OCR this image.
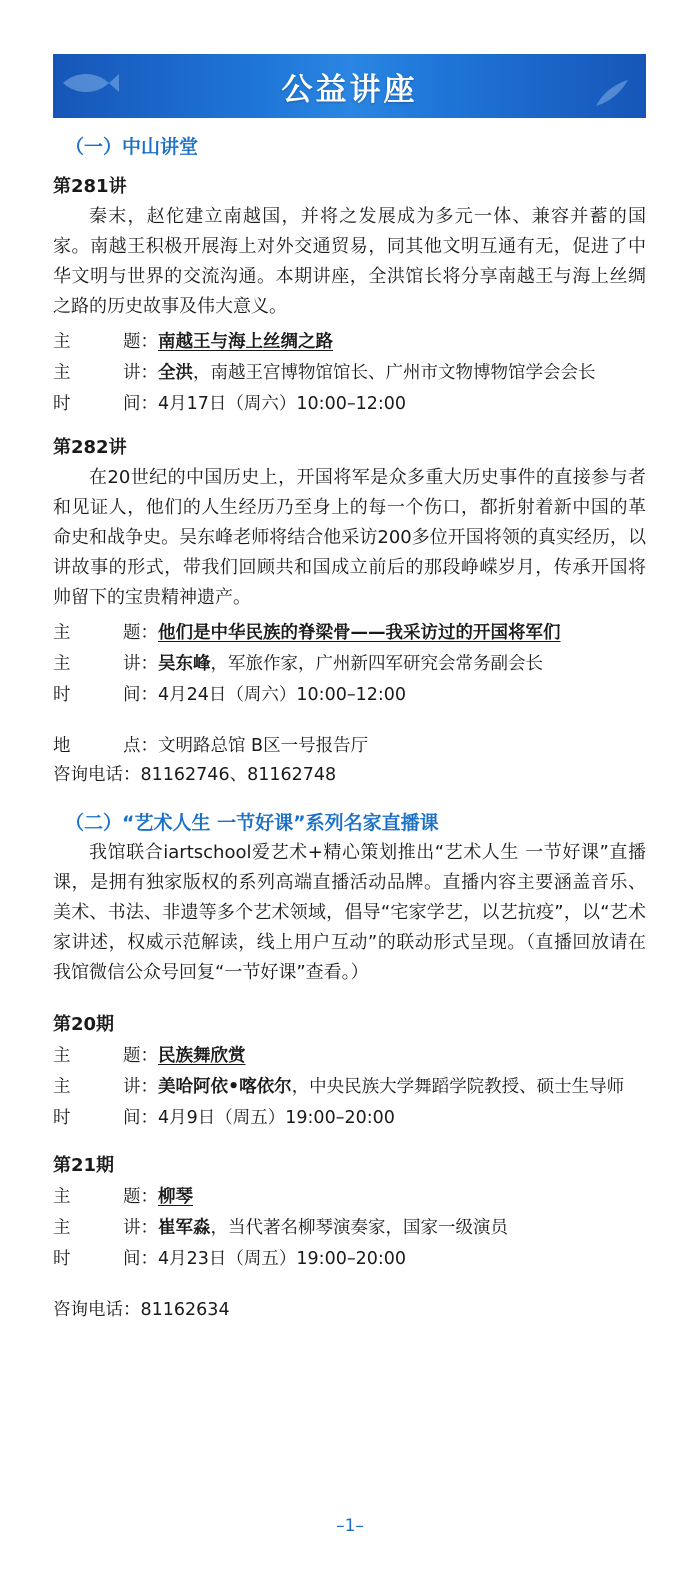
公益讲座
（一）中山讲堂
第281讲

秦末，赵佗建立南越国，并将之发展成为多元一体、兼容并蓄的国家。南越王积极开展海上对外交通贸易，同其他文明互通有无，促进了中华文明与世界的交流沟通。本期讲座，全洪馆长将分享南越王与海上丝绸之路的历史故事及伟大意义。

主	题： 南越王与海上丝绸之路
主	讲： 全洪，南越王宫博物馆馆长、广州市文物博物馆学会会长
时	间： 4月17日（周六）10:00–12:00
第282讲

在20世纪的中国历史上，开国将军是众多重大历史事件的直接参与者和见证人，他们的人生经历乃至身上的每一个伤口，都折射着新中国的革命史和战争史。吴东峰老师将结合他采访200多位开国将领的真实经历，以讲故事的形式，带我们回顾共和国成立前后的那段峥嵘岁月，传承开国将帅留下的宝贵精神遗产。

主	题： 他们是中华民族的脊梁骨——我采访过的开国将军们
主	讲： 吴东峰，军旅作家，广州新四军研究会常务副会长
时	间： 4月24日（周六）10:00–12:00
地	点： 文明路总馆 B区一号报告厅
咨询电话：81162746、81162748
（二）“艺术人生 一节好课”系列名家直播课

我馆联合iartschool爱艺术+精心策划推出“艺术人生 一节好课”直播课，是拥有独家版权的系列高端直播活动品牌。直播内容主要涵盖音乐、美术、书法、非遗等多个艺术领域，倡导“宅家学艺，以艺抗疫”，以“艺术家讲述，权威示范解读，线上用户互动”的联动形式呈现。（直播回放请在我馆微信公众号回复“一节好课”查看。）

第20期
主	题： 民族舞欣赏
主	讲： 美哈阿依•喀依尔，中央民族大学舞蹈学院教授、硕士生导师
时	间： 4月9日（周五）19:00–20:00
第21期
主	题： 柳琴
主	讲： 崔军淼，当代著名柳琴演奏家，国家一级演员
时	间： 4月23日（周五）19:00–20:00
咨询电话：81162634
–1–
